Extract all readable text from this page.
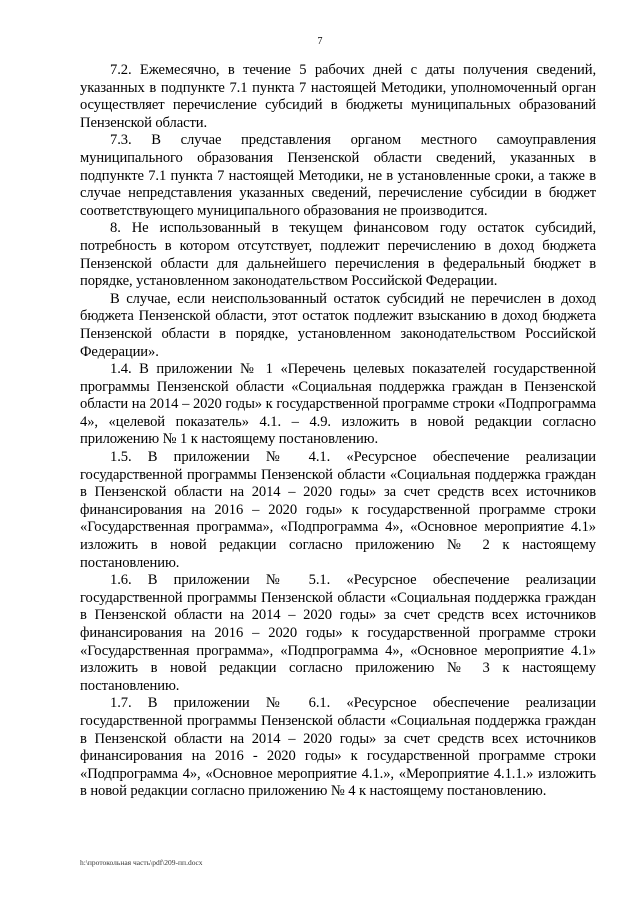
7

7.2. Ежемесячно, в течение 5 рабочих дней с даты получения сведений, указанных в подпункте 7.1 пункта 7 настоящей Методики, уполномоченный орган осуществляет перечисление субсидий в бюджеты муниципальных образований Пензенской области.

7.3. В случае представления органом местного самоуправления муниципального образования Пензенской области сведений, указанных в подпункте 7.1 пункта 7 настоящей Методики, не в установленные сроки, а также в случае непредставления указанных сведений, перечисление субсидии в бюджет соответствующего муниципального образования не производится.

8. Не использованный в текущем финансовом году остаток субсидий, потребность в котором отсутствует, подлежит перечислению в доход бюджета Пензенской области для дальнейшего перечисления в федеральный бюджет в порядке, установленном законодательством Российской Федерации.

В случае, если неиспользованный остаток субсидий не перечислен в доход бюджета Пензенской области, этот остаток подлежит взысканию в доход бюджета Пензенской области в порядке, установленном законодательством Российской Федерации».

1.4. В приложении № 1 «Перечень целевых показателей государственной программы Пензенской области «Социальная поддержка граждан в Пензенской области на 2014 – 2020 годы» к государственной программе строки «Подпрограмма 4», «целевой показатель» 4.1. – 4.9. изложить в новой редакции согласно приложению № 1 к настоящему постановлению.

1.5. В приложении № 4.1. «Ресурсное обеспечение реализации государственной программы Пензенской области «Социальная поддержка граждан в Пензенской области на 2014 – 2020 годы» за счет средств всех источников финансирования на 2016 – 2020 годы» к государственной программе строки «Государственная программа», «Подпрограмма 4», «Основное мероприятие 4.1» изложить в новой редакции согласно приложению № 2 к настоящему постановлению.

1.6. В приложении № 5.1. «Ресурсное обеспечение реализации государственной программы Пензенской области «Социальная поддержка граждан в Пензенской области на 2014 – 2020 годы» за счет средств всех источников финансирования на 2016 – 2020 годы» к государственной программе строки «Государственная программа», «Подпрограмма 4», «Основное мероприятие 4.1» изложить в новой редакции согласно приложению № 3 к настоящему постановлению.

1.7. В приложении № 6.1. «Ресурсное обеспечение реализации государственной программы Пензенской области «Социальная поддержка граждан в Пензенской области на 2014 – 2020 годы» за счет средств всех источников финансирования на 2016 - 2020 годы» к государственной программе строки «Подпрограмма 4», «Основное мероприятие 4.1.», «Мероприятие 4.1.1.» изложить в новой редакции согласно приложению № 4 к настоящему постановлению.

h:\протокольная часть\pdf\209-пп.docx
